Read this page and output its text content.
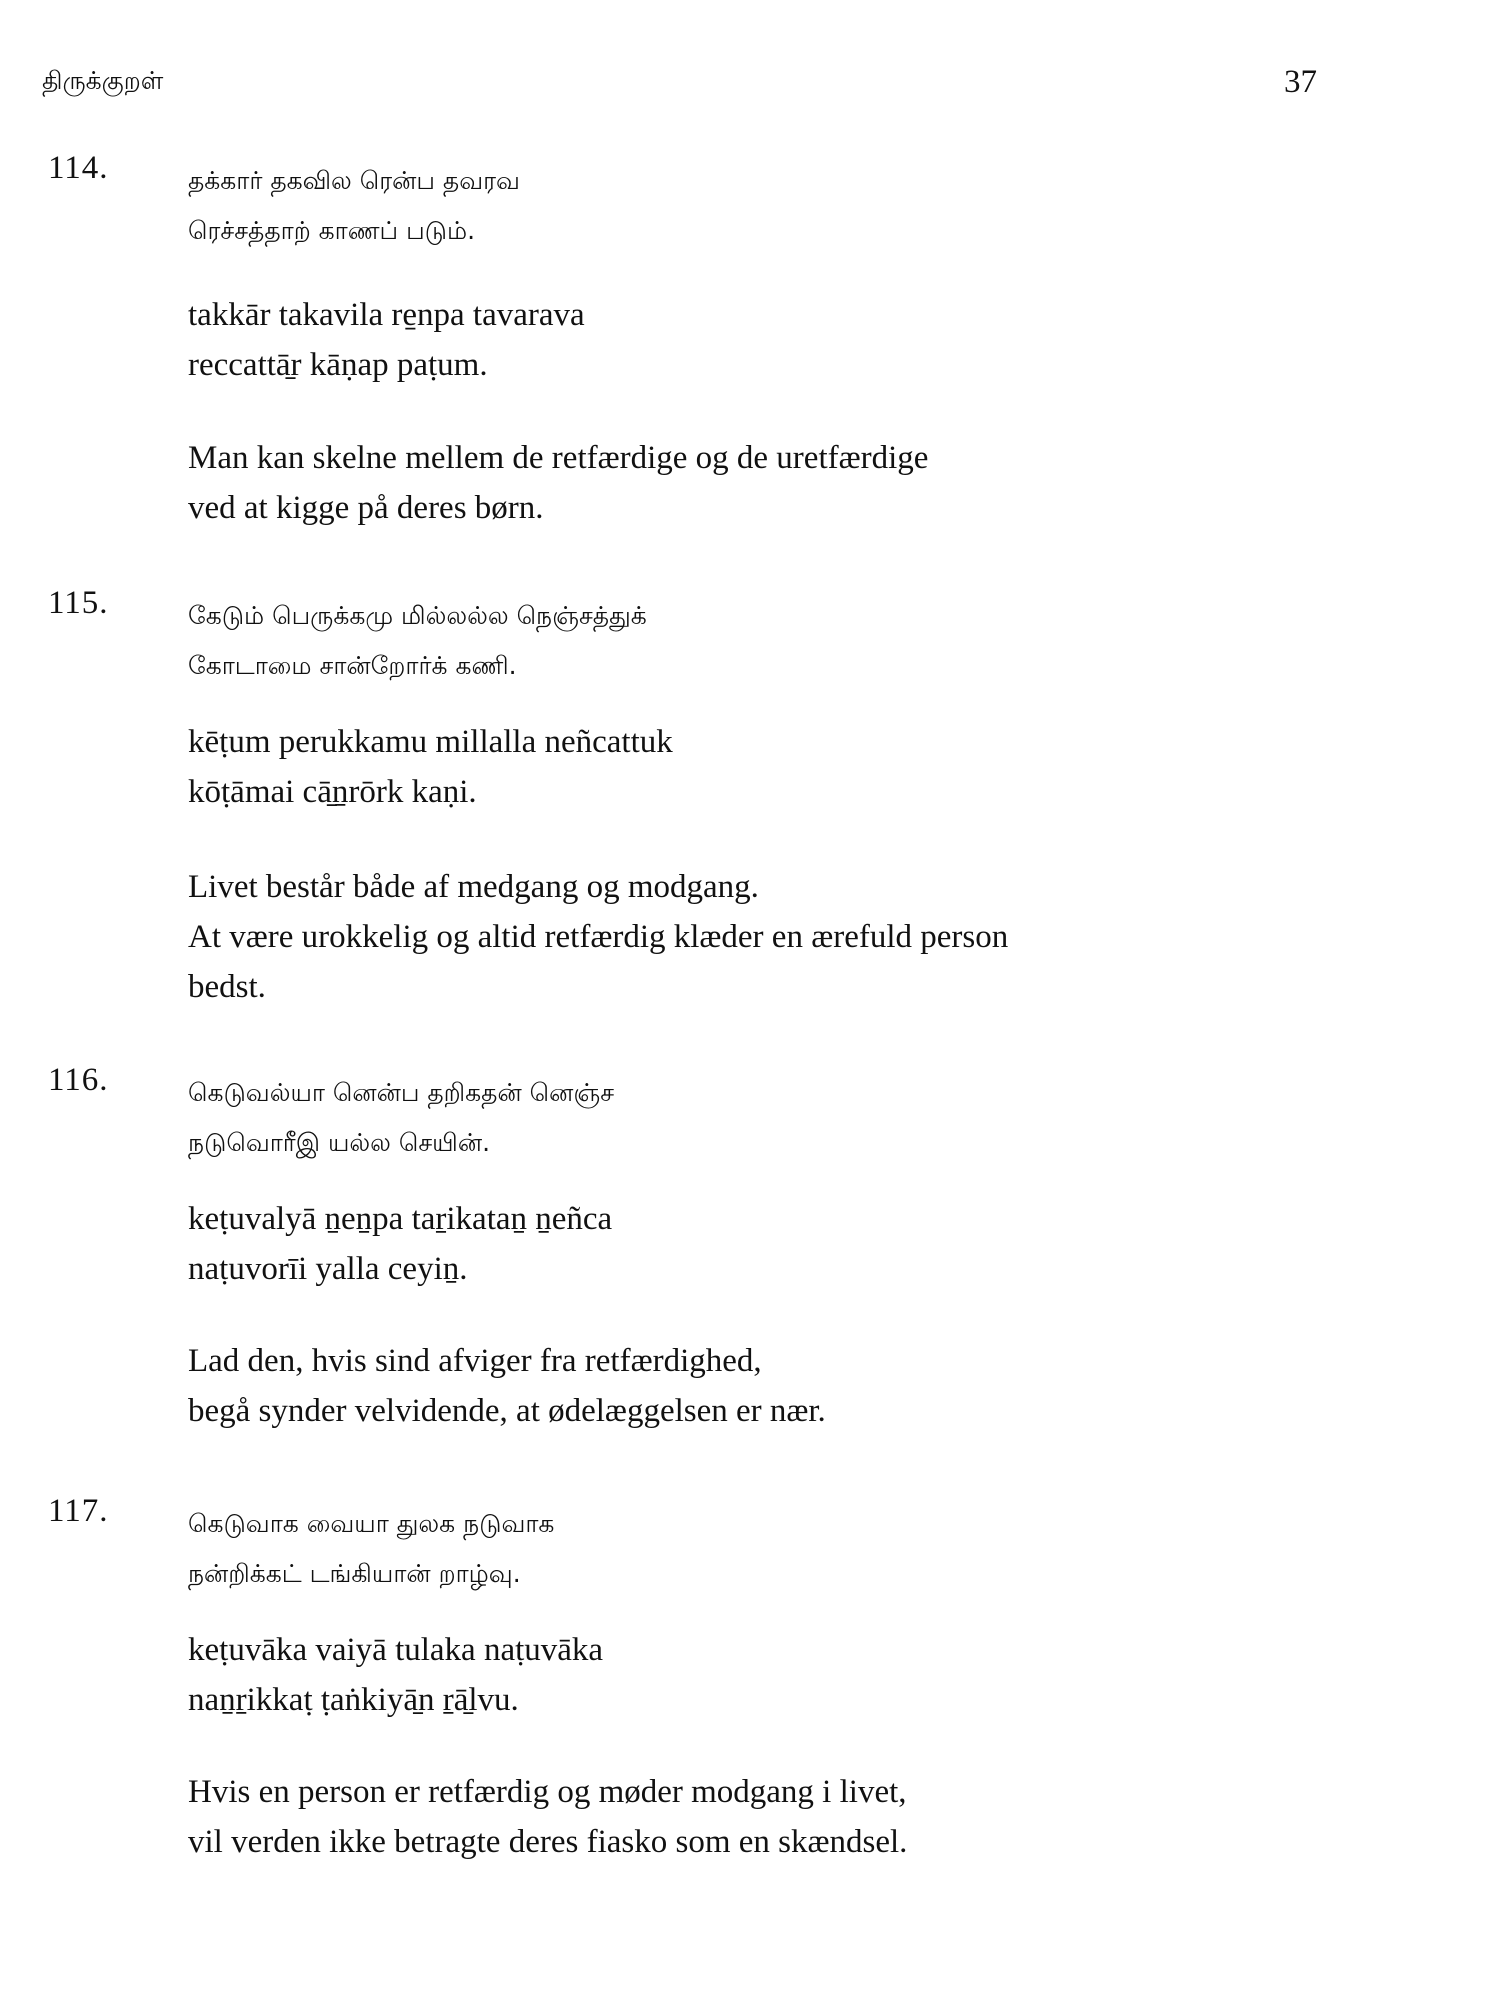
திருக்குறள்	37
114.	தக்கார் தகவில ரென்ப தவரவ
ரெச்சத்தாற் காணப் படும்.
takkār takavila re̱npa tavarava
reccattā̱r kāṇap paṭum.
Man kan skelne mellem de retfærdige og de uretfærdige
ved at kigge på deres børn.
115.	கேடும் பெருக்கமு மில்லல்ல நெஞ்சத்துக்
கோடாமை சான்றோர்க் கணி.
kēṭum perukkamu millalla neñcattuk
kōṭāmai cā̱ṉrōrk kaṇi.
Livet består både af medgang og modgang.
At være urokkelig og altid retfærdig klæder en ærefuld person
bedst.
116.	கெடுவல்யா னென்ப தறிகதன் னெஞ்ச
நடுவொரீஇ யல்ல செயின்.
keṭuvalyā ṉeṉpa taṟikataṉ ṉeñca
naṭuvorīi yalla ceyiṉ.
Lad den, hvis sind afviger fra retfærdighed,
begå synder velvidende, at ødelæggelsen er nær.
117.	கெடுவாக வையா துலக நடுவாக
நன்றிக்கட் டங்கியான் றாழ்வு.
keṭuvāka vaiyā tulaka naṭuvāka
naṉṟikkaṭ ṭaṅkiyā̱n ṟā̱lvu.
Hvis en person er retfærdig og møder modgang i livet,
vil verden ikke betragte deres fiasko som en skændsel.
